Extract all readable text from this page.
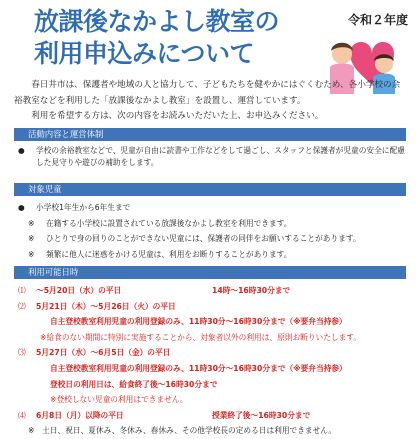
放課後なかよし教室の
利用申込みについて
令和２年度

春日井市は、保護者や地域の人と協力して、子どもたちを健やかにはぐくむため、各小学校の余裕教室などを利用した「放課後なかよし教室」を設置し、運営しています。

利用を希望する方は、次の内容をお読みいただいた上、お申込みください。

活動内容と運営体制
●	学校の余裕教室などで、児童が自由に読書や工作などをして過ごし、スタッフと保護者が児童の安全に配慮した見守りや遊びの補助をします。
対象児童
●	小学校1年生から6年生まで
※	在籍する小学校に設置されている放課後なかよし教室を利用できます。
※	ひとりで身の回りのことができない児童には、保護者の同伴をお願いすることがあります。
※	頻繁に他人に迷惑をかける児童は、利用をお断りすることがあります。
利用可能日時
⑴	～5月20日（水）の平日	14時～16時30分まで
⑵	5月21日（木）～5月26日（火）の平日
自主登校教室利用児童の利用登録のみ、11時30分～16時30分まで（※要弁当持参）
※給食のない期間に特別に実施することから、対象者以外の利用は、原則お断りいたします。
⑶	5月27日（水）～6月5日（金）の平日
自主登校教室利用児童の利用登録のみ、11時30分～16時30分まで（※要弁当持参）
登校日の利用日は、給食終了後～16時30分まで
※登校しない児童の利用はできません。
⑷	6月8日（月）以降の平日	授業終了後～16時30分まで
※　土日、祝日、夏休み、冬休み、春休み、その他学校長の定める日は利用できません。
